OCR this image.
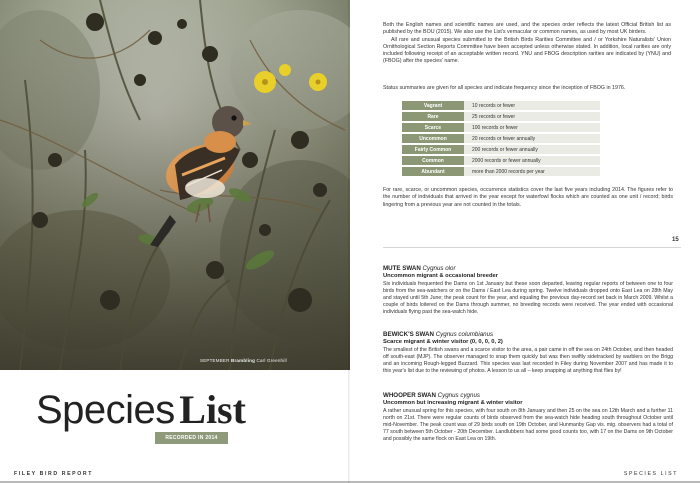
SEPTEMBER Brambling Carl Greenhill
Species List
RECORDED IN 2014
FILEY BIRD REPORT

Both the English names and scientific names are used, and the species order reflects the latest Official British list as published by the BOU (2015). We also use the List's vernacular or common names, as used by most UK birders.

All rare and unusual species submitted to the British Birds Rarities Committee and / or Yorkshire Naturalists' Union Ornithological Section Reports Committee have been accepted unless otherwise stated. In addition, local rarities are only included following receipt of an acceptable written record. YNU and FBOG description rarities are indicated by (YNU) and (FBOG) after the species' name.

Status summaries are given for all species and indicate frequency since the inception of FBOG in 1976.
Vagrant	10 records or fewer
Rare	25 records or fewer
Scarce	100 records or fewer
Uncommon	20 records or fewer annually
Fairly Common	200 records or fewer annually
Common	2000 records or fewer annually
Abundant	more than 2000 records per year
For rare, scarce, or uncommon species, occurrence statistics cover the last five years including 2014. The figures refer to the number of individuals that arrived in the year except for waterfowl flocks which are counted as one unit / record; birds lingering from a previous year are not counted in the totals.
15

MUTE SWAN Cygnus olor

Uncommon migrant & occasional breeder

Six individuals frequented the Dams on 1st January but these soon departed, leaving regular reports of between one to four birds from the sea-watchers or on the Dams / East Lea during spring. Twelve individuals dropped onto East Lea on 28th May and stayed until 5th June; the peak count for the year, and equaling the previous day-record set back in March 2009. Whilst a couple of birds loitered on the Dams through summer, no breeding records were received. The year ended with occasional individuals flying past the sea-watch hide.

BEWICK'S SWAN Cygnus columbianus

Scarce migrant & winter visitor (0, 0, 0, 0, 2)

The smallest of the British swans and a scarce visitor to the area, a pair came in off the sea on 24th October, and then headed off south-east (MJP). The observer managed to snap them quickly but was then swiftly sidetracked by warblers on the Brigg and an incoming Rough-legged Buzzard. This species was last recorded in Filey during November 2007 and has made it to this year's list due to the reviewing of photos. A lesson to us all – keep snapping at anything that flies by!

WHOOPER SWAN Cygnus cygnus

Uncommon but increasing migrant & winter visitor

A rather unusual spring for this species, with four south on 8th January and then 25 on the sea on 12th March and a further 11 north on 21st. There were regular counts of birds observed from the sea-watch hide heading south throughout October until mid-November. The peak count was of 29 birds south on 19th October, and Hunmanby Gap vis. mig. observers had a total of 77 south between 5th October - 20th December. Landlubbers had some good counts too, with 17 on the Dams on 9th October and possibly the same flock on East Lea on 19th.

SPECIES LIST
